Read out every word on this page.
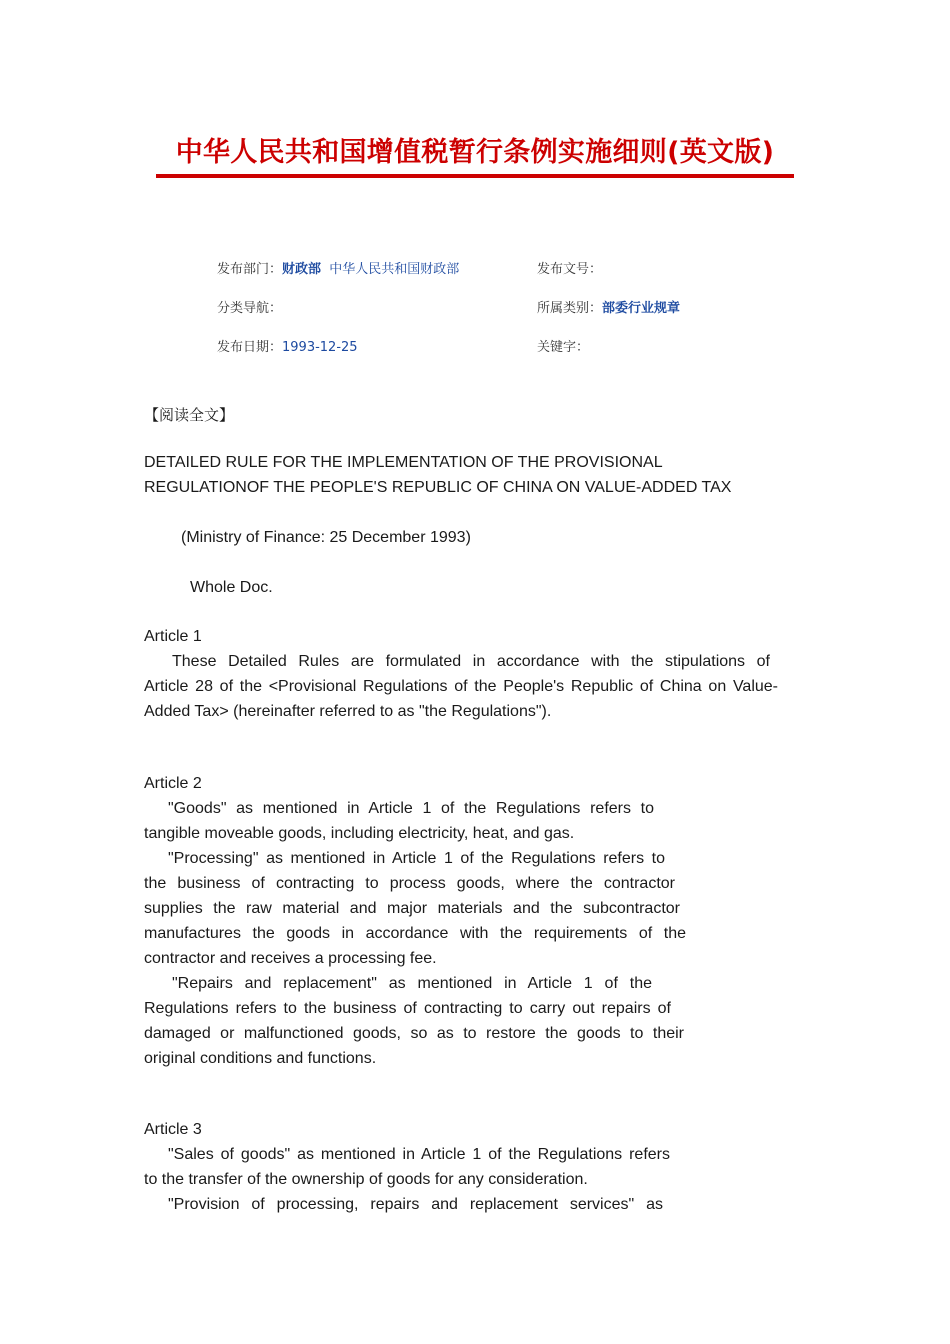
中华人民共和国增值税暂行条例实施细则(英文版)
发布部门：财政部 中华人民共和国财政部	发布文号：
分类导航：	所属类别：部委行业规章
发布日期：1993-12-25	关键字：
【阅读全文】
DETAILED RULE FOR THE IMPLEMENTATION OF THE PROVISIONAL
REGULATIONOF THE PEOPLE'S REPUBLIC OF CHINA ON VALUE-ADDED TAX
(Ministry of Finance: 25 December 1993)
Whole Doc.
Article 1
These Detailed Rules are formulated in accordance with the stipulations of
Article 28 of the <Provisional Regulations of the People's Republic of China on Value-
Added Tax> (hereinafter referred to as "the Regulations").
Article 2
"Goods" as mentioned in Article 1 of the Regulations refers to
tangible moveable goods, including electricity, heat, and gas.
"Processing" as mentioned in Article 1 of the Regulations refers to
the business of contracting to process goods, where the contractor
supplies the raw material and major materials and the subcontractor
manufactures the goods in accordance with the requirements of the
contractor and receives a processing fee.
"Repairs and replacement" as mentioned in Article 1 of the
Regulations refers to the business of contracting to carry out repairs of
damaged or malfunctioned goods, so as to restore the goods to their
original conditions and functions.
Article 3
"Sales of goods" as mentioned in Article 1 of the Regulations refers
to the transfer of the ownership of goods for any consideration.
"Provision of processing, repairs and replacement services" as
